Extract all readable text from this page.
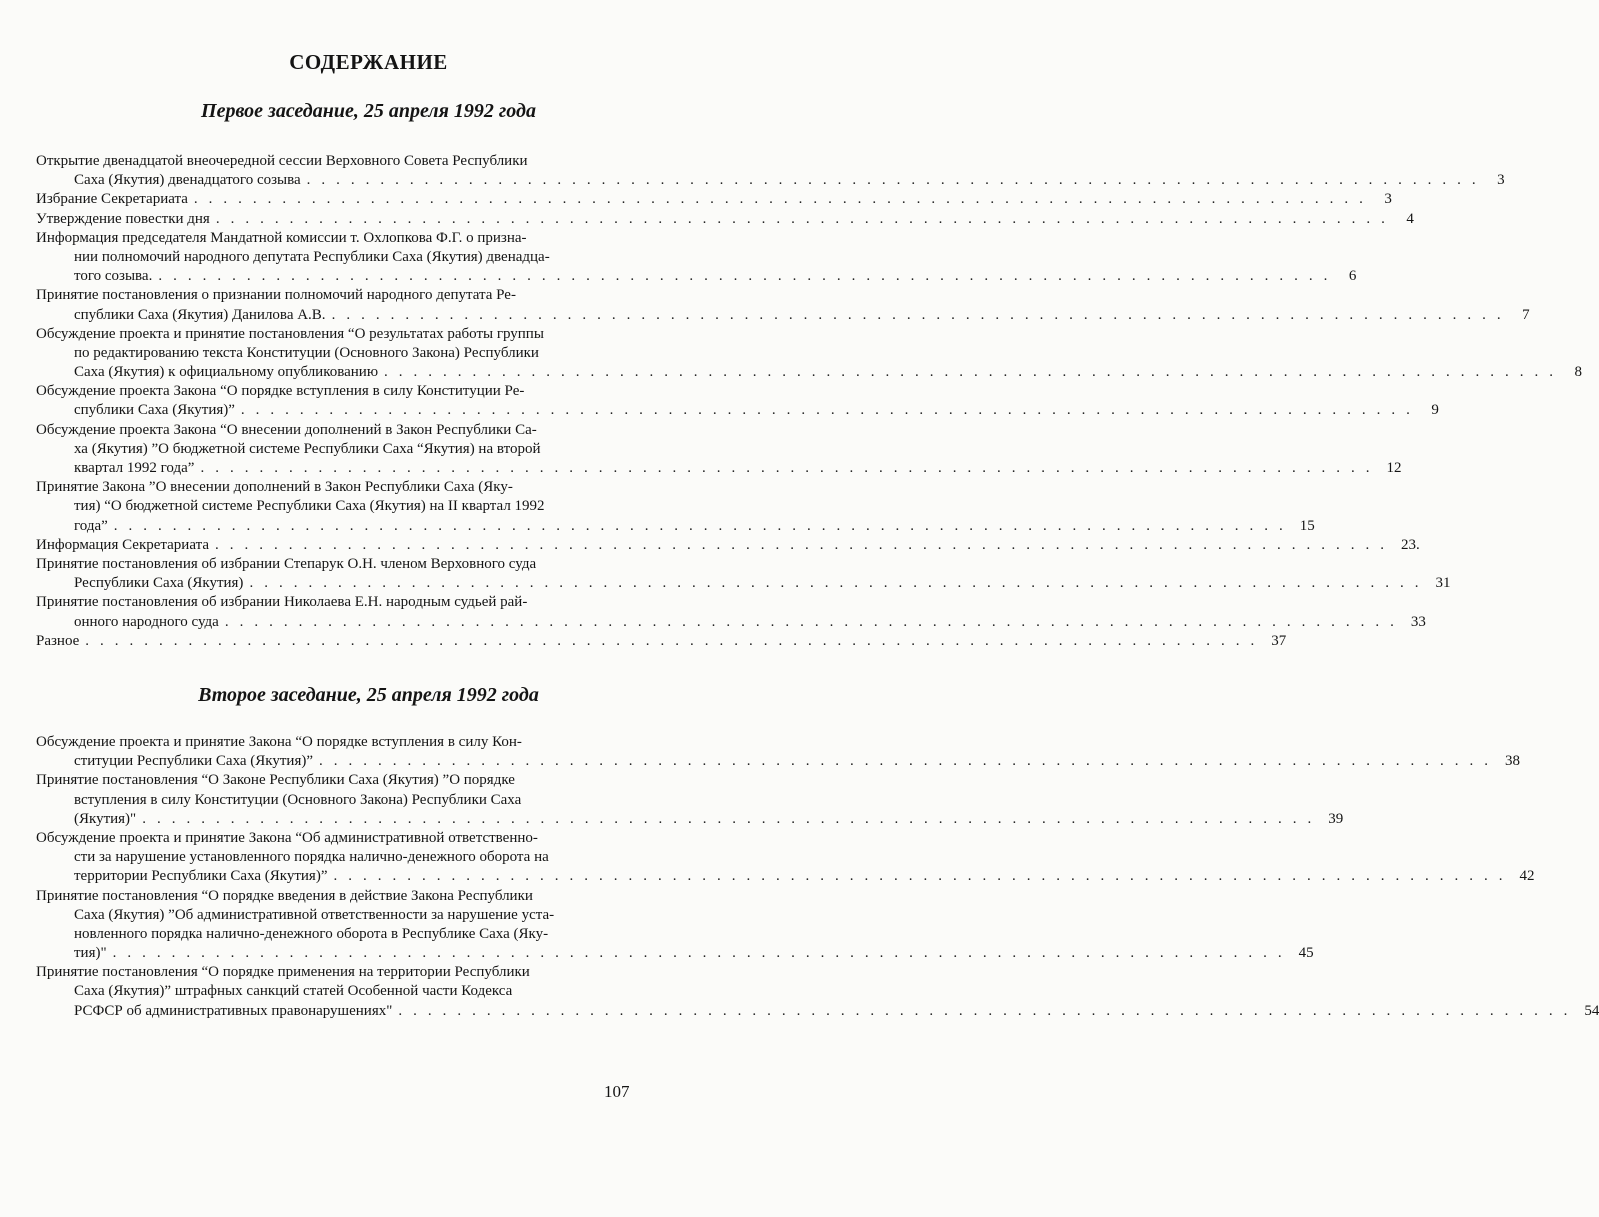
СОДЕРЖАНИЕ
Первое заседание, 25 апреля 1992 года
Открытие двенадцатой внеочередной сессии Верховного Совета Республики
Саха (Якутия) двенадцатого созыва ................................................................................ 3
Избрание Секретариата ................................................................................ 3
Утверждение повестки дня ................................................................................ 4
Информация председателя Мандатной комиссии т. Охлопкова Ф.Г. о призна-
нии полномочий народного депутата Республики Саха (Якутия) двенадца-
того созыва. ................................................................................ 6
Принятие постановления о признании полномочий народного депутата Ре-
спублики Саха (Якутия) Данилова А.В. ................................................................................ 7
Обсуждение проекта и принятие постановления “О результатах работы группы
по редактированию текста Конституции (Основного Закона) Республики
Саха (Якутия) к официальному опубликованию ................................................................................ 8
Обсуждение проекта Закона “О порядке вступления в силу Конституции Ре-
спублики Саха (Якутия)” ................................................................................ 9
Обсуждение проекта Закона “О внесении дополнений в Закон Республики Са-
ха (Якутия) ”О бюджетной системе Республики Саха “Якутия) на второй
квартал 1992 года” ................................................................................ 12
Принятие Закона ”О внесении дополнений в Закон Республики Саха (Яку-
тия) “О бюджетной системе Республики Саха (Якутия) на II квартал 1992
года” ................................................................................ 15
Информация Секретариата ................................................................................ 23.
Принятие постановления об избрании Степарук О.Н. членом Верховного суда
Республики Саха (Якутия) ................................................................................ 31
Принятие постановления об избрании Николаева Е.Н. народным судьей рай-
онного народного суда ................................................................................ 33
Разное ................................................................................ 37
Второе заседание, 25 апреля 1992 года
Обсуждение проекта и принятие Закона “О порядке вступления в силу Кон-
ституции Республики Саха (Якутия)” ................................................................................ 38
Принятие постановления “О Законе Республики Саха (Якутия) ”О порядке
вступления в силу Конституции (Основного Закона) Республики Саха
(Якутия)" ................................................................................ 39
Обсуждение проекта и принятие Закона “Об административной ответственно-
сти за нарушение установленного порядка налично-денежного оборота на
территории Республики Саха (Якутия)” ................................................................................ 42
Принятие постановления “О порядке введения в действие Закона Республики
Саха (Якутия) ”Об административной ответственности за нарушение уста-
новленного порядка налично-денежного оборота в Республике Саха (Яку-
тия)" ................................................................................ 45
Принятие постановления “О порядке применения на территории Республики
Саха (Якутия)” штрафных санкций статей Особенной части Кодекса
РСФСР об административных правонарушениях" ................................................................................ 54
107
